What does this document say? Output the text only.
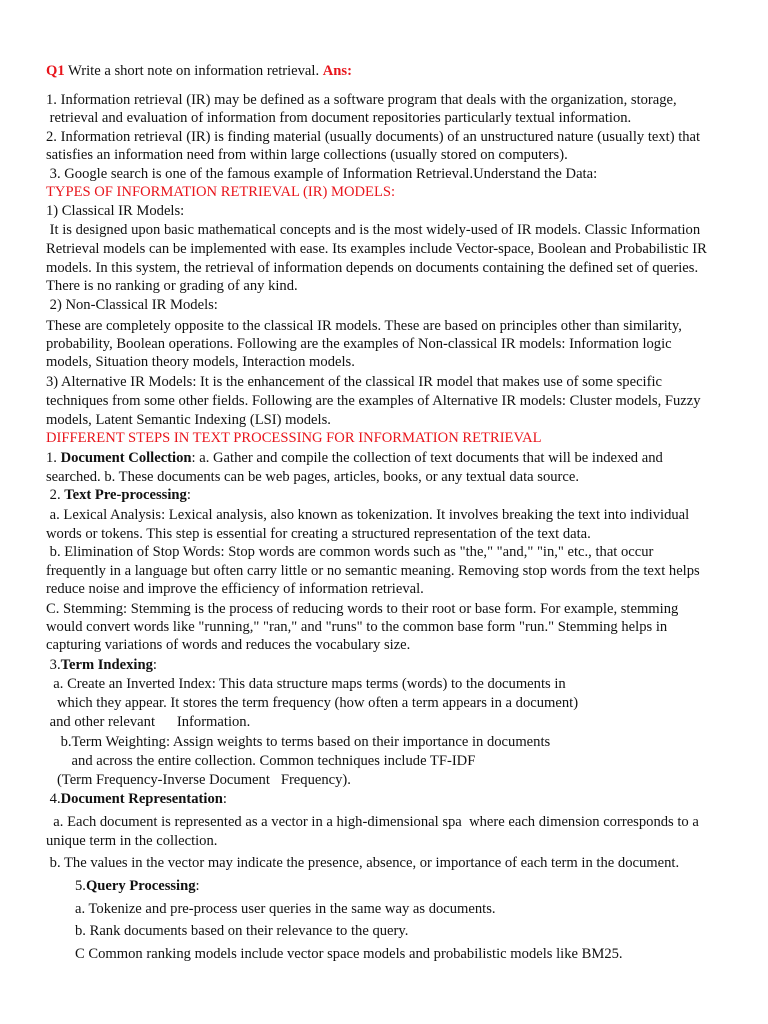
Q1 Write a short note on information retrieval. Ans:
1. Information retrieval (IR) may be defined as a software program that deals with the organization, storage,
retrieval and evaluation of information from document repositories particularly textual information.
2. Information retrieval (IR) is finding material (usually documents) of an unstructured nature (usually text) that
satisfies an information need from within large collections (usually stored on computers).
3. Google search is one of the famous example of Information Retrieval.Understand the Data:
TYPES OF INFORMATION RETRIEVAL (IR) MODELS:
1) Classical IR Models:
It is designed upon basic mathematical concepts and is the most widely-used of IR models. Classic Information
Retrieval models can be implemented with ease. Its examples include Vector-space, Boolean and Probabilistic IR
models. In this system, the retrieval of information depends on documents containing the defined set of queries.
There is no ranking or grading of any kind.
2) Non-Classical IR Models:
These are completely opposite to the classical IR models. These are based on principles other than similarity,
probability, Boolean operations. Following are the examples of Non-classical IR models: Information logic
models, Situation theory models, Interaction models.
3) Alternative IR Models: It is the enhancement of the classical IR model that makes use of some specific
techniques from some other fields. Following are the examples of Alternative IR models: Cluster models, Fuzzy
models, Latent Semantic Indexing (LSI) models.
DIFFERENT STEPS IN TEXT PROCESSING FOR INFORMATION RETRIEVAL
1. Document Collection: a. Gather and compile the collection of text documents that will be indexed and
searched. b. These documents can be web pages, articles, books, or any textual data source.
2. Text Pre-processing:
a. Lexical Analysis: Lexical analysis, also known as tokenization. It involves breaking the text into individual
words or tokens. This step is essential for creating a structured representation of the text data.
b. Elimination of Stop Words: Stop words are common words such as "the," "and," "in," etc., that occur
frequently in a language but often carry little or no semantic meaning. Removing stop words from the text helps
reduce noise and improve the efficiency of information retrieval.
C. Stemming: Stemming is the process of reducing words to their root or base form. For example, stemming
would convert words like "running," "ran," and "runs" to the common base form "run." Stemming helps in
capturing variations of words and reduces the vocabulary size.
3.Term Indexing:
a. Create an Inverted Index: This data structure maps terms (words) to the documents in
which they appear. It stores the term frequency (how often a term appears in a document)
and other relevant      Information.
b.Term Weighting: Assign weights to terms based on their importance in documents
and across the entire collection. Common techniques include TF-IDF
(Term Frequency-Inverse Document   Frequency).
4.Document Representation:
a. Each document is represented as a vector in a high-dimensional spa  where each dimension corresponds to a
unique term in the collection.
b. The values in the vector may indicate the presence, absence, or importance of each term in the document.
5.Query Processing:
a. Tokenize and pre-process user queries in the same way as documents.
b. Rank documents based on their relevance to the query.
C Common ranking models include vector space models and probabilistic models like BM25.
